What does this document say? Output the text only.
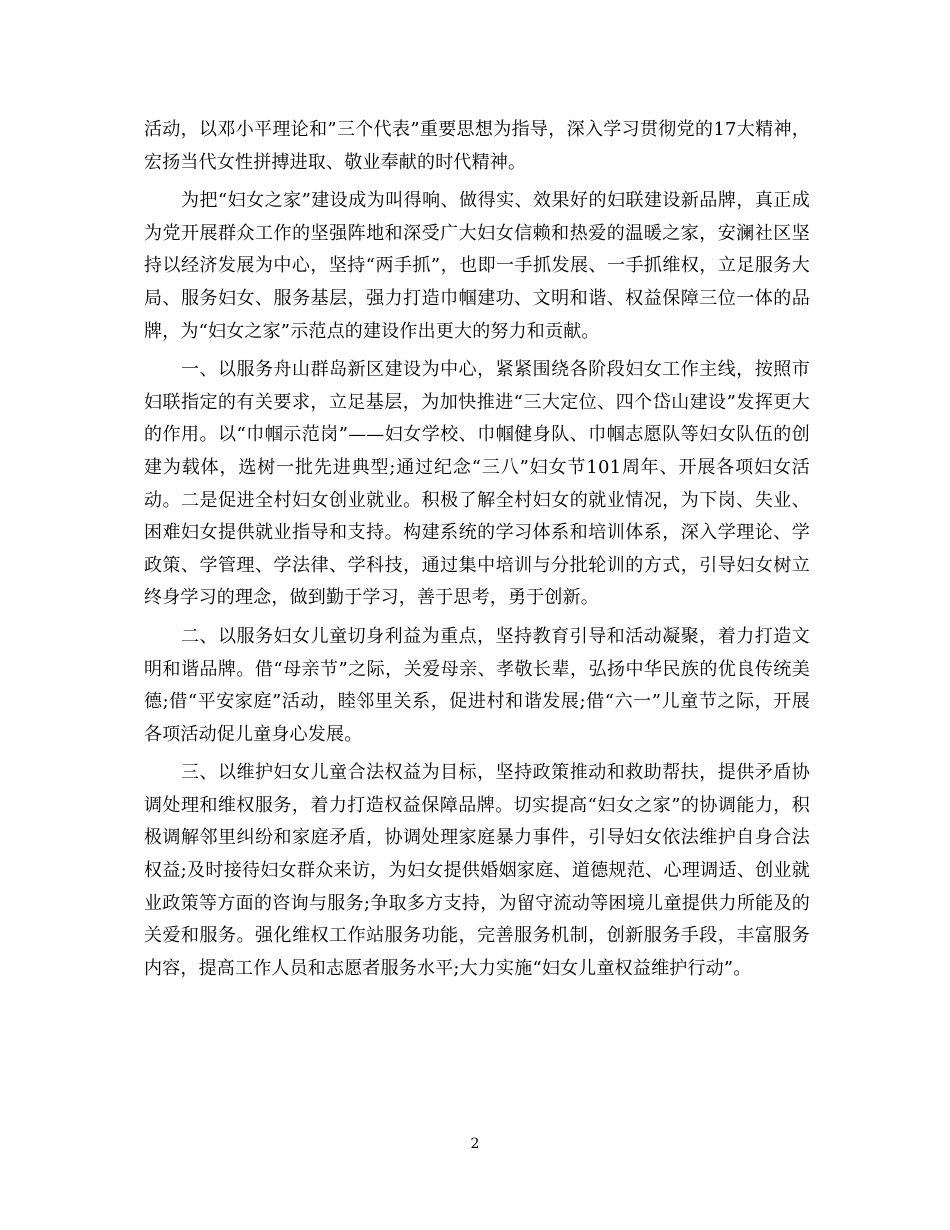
活动，以邓小平理论和”三个代表”重要思想为指导，深入学习贯彻党的17大精神，宏扬当代女性拼搏进取、敬业奉献的时代精神。

为把“妇女之家”建设成为叫得响、做得实、效果好的妇联建设新品牌，真正成为党开展群众工作的坚强阵地和深受广大妇女信赖和热爱的温暖之家，安澜社区坚持以经济发展为中心，坚持“两手抓”，也即一手抓发展、一手抓维权，立足服务大局、服务妇女、服务基层，强力打造巾帼建功、文明和谐、权益保障三位一体的品牌，为“妇女之家”示范点的建设作出更大的努力和贡献。

一、以服务舟山群岛新区建设为中心，紧紧围绕各阶段妇女工作主线，按照市妇联指定的有关要求，立足基层，为加快推进“三大定位、四个岱山建设”发挥更大的作用。以“巾帼示范岗”——妇女学校、巾帼健身队、巾帼志愿队等妇女队伍的创建为载体，选树一批先进典型;通过纪念“三八”妇女节101周年、开展各项妇女活动。二是促进全村妇女创业就业。积极了解全村妇女的就业情况，为下岗、失业、困难妇女提供就业指导和支持。构建系统的学习体系和培训体系，深入学理论、学政策、学管理、学法律、学科技，通过集中培训与分批轮训的方式，引导妇女树立终身学习的理念，做到勤于学习，善于思考，勇于创新。

二、以服务妇女儿童切身利益为重点，坚持教育引导和活动凝聚，着力打造文明和谐品牌。借“母亲节”之际，关爱母亲、孝敬长辈，弘扬中华民族的优良传统美德;借“平安家庭”活动，睦邻里关系，促进村和谐发展;借“六一”儿童节之际，开展各项活动促儿童身心发展。

三、以维护妇女儿童合法权益为目标，坚持政策推动和救助帮扶，提供矛盾协调处理和维权服务，着力打造权益保障品牌。切实提高“妇女之家”的协调能力，积极调解邻里纠纷和家庭矛盾，协调处理家庭暴力事件，引导妇女依法维护自身合法权益;及时接待妇女群众来访，为妇女提供婚姻家庭、道德规范、心理调适、创业就业政策等方面的咨询与服务;争取多方支持，为留守流动等困境儿童提供力所能及的关爱和服务。强化维权工作站服务功能，完善服务机制，创新服务手段，丰富服务内容，提高工作人员和志愿者服务水平;大力实施“妇女儿童权益维护行动”。

2
